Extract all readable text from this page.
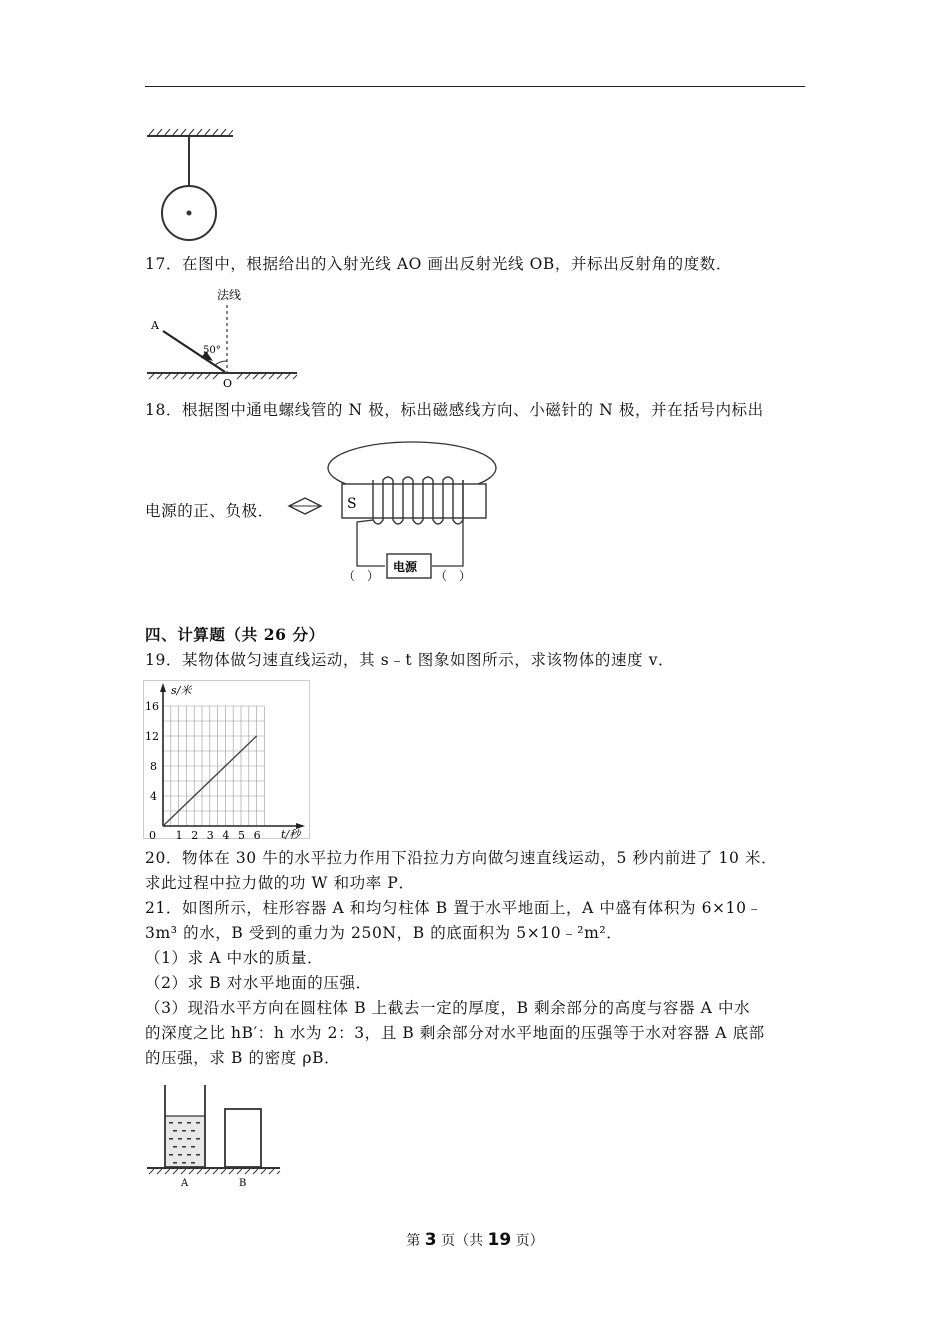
17．在图中，根据给出的入射光线 AO 画出反射光线 OB，并标出反射角的度数．
法线
A
50°
O
18．根据图中通电螺线管的 N 极，标出磁感线方向、小磁针的 N 极，并在括号内标出
S
电源
（　）	（　）
电源的正、负极．
四、计算题（共 26 分）
19．某物体做匀速直线运动，其 s﹣t 图象如图所示，求该物体的速度 v．
0 1 2 3 4 5 6
4
8
12
16
s/米
t/秒
20．物体在 30 牛的水平拉力作用下沿拉力方向做匀速直线运动，5 秒内前进了 10 米．
求此过程中拉力做的功 W 和功率 P．
21．如图所示，柱形容器 A 和均匀柱体 B 置于水平地面上，A 中盛有体积为 6×10﹣
3m³ 的水，B 受到的重力为 250N，B 的底面积为 5×10﹣²m²．
（1）求 A 中水的质量．
（2）求 B 对水平地面的压强．
（3）现沿水平方向在圆柱体 B 上截去一定的厚度，B 剩余部分的高度与容器 A 中水
的深度之比 hB′：h 水为 2：3，且 B 剩余部分对水平地面的压强等于水对容器 A 底部
的压强，求 B 的密度 ρB．
A	B
第 3 页（共 19 页）
